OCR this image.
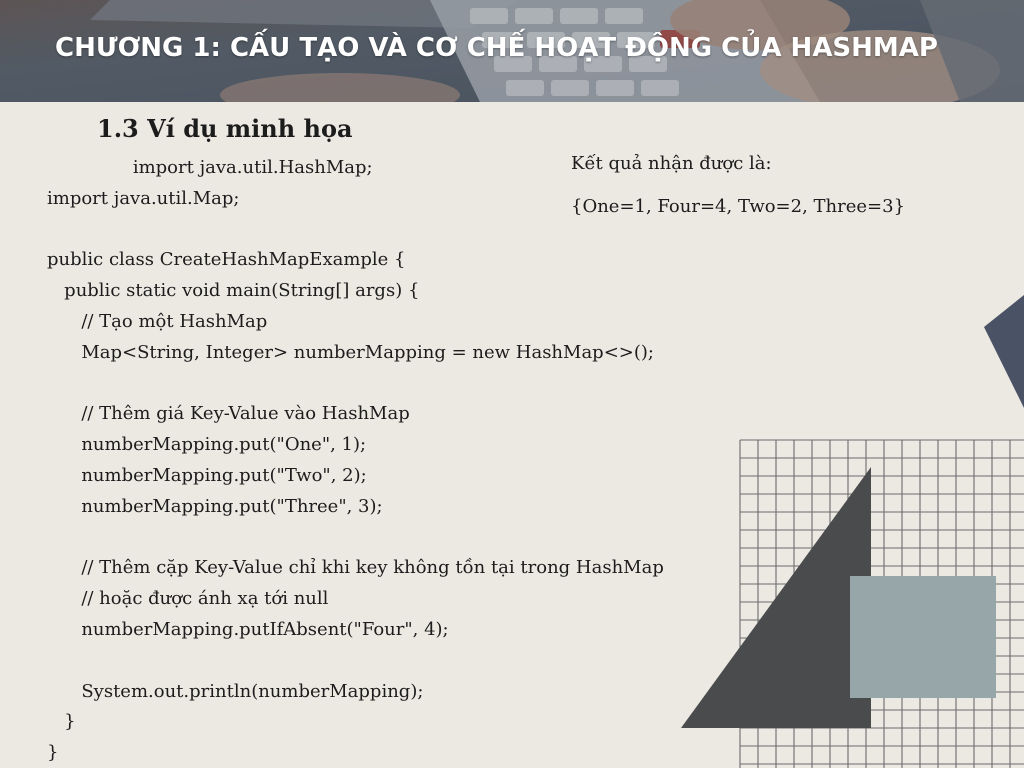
CHƯƠNG 1: CẤU TẠO VÀ CƠ CHẾ HOẠT ĐỘNG CỦA HASHMAP
1.3 Ví dụ minh họa
import java.util.HashMap;
import java.util.Map;
public class CreateHashMapExample {
public static void main(String[] args) {
// Tạo một HashMap
Map<String, Integer> numberMapping = new HashMap<>();
// Thêm giá Key-Value vào HashMap
numberMapping.put("One", 1);
numberMapping.put("Two", 2);
numberMapping.put("Three", 3);
// Thêm cặp Key-Value chỉ khi key không tồn tại trong HashMap
// hoặc được ánh xạ tới null
numberMapping.putIfAbsent("Four", 4);
System.out.println(numberMapping);
}
}

Kết quả nhận được là:

{One=1, Four=4, Two=2, Three=3}
